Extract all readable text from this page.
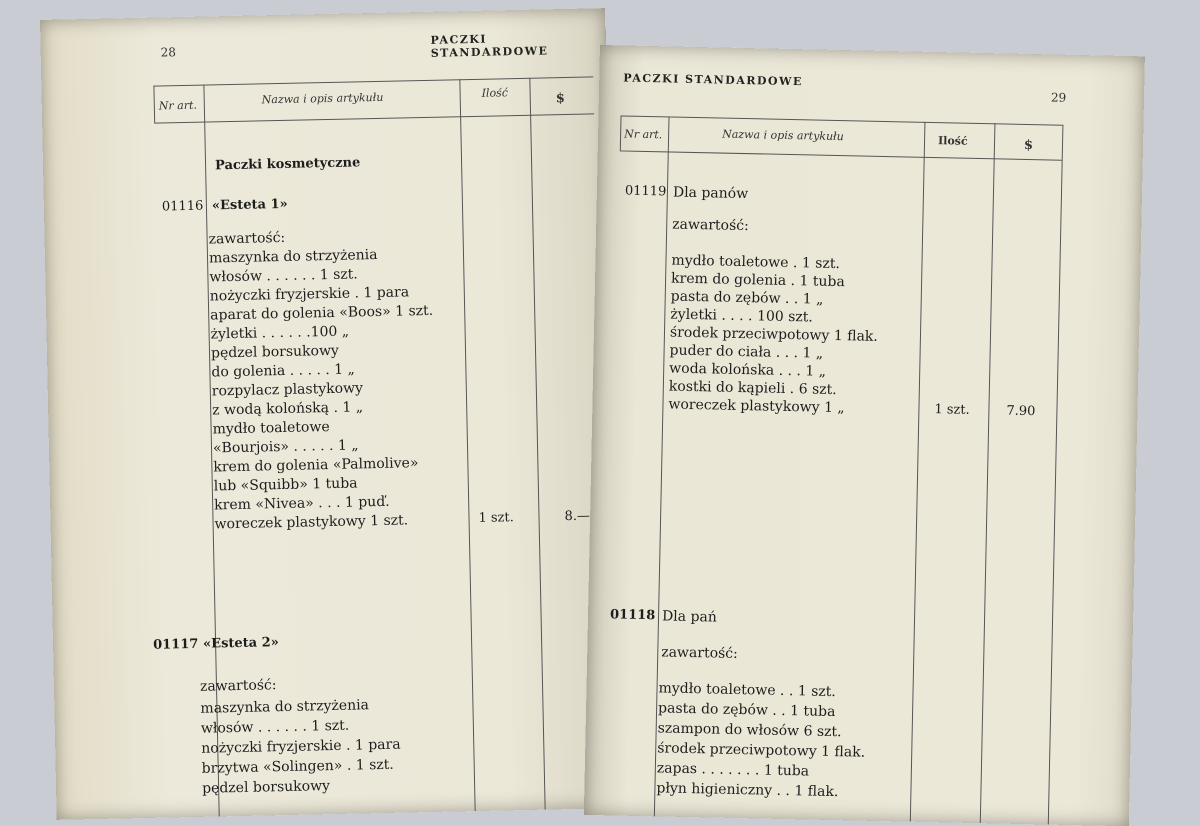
28
PACZKI STANDARDOWE
Nr art.	Nazwa i opis artykułu	Ilość	$
Paczki kosmetyczne
01116 «Esteta 1»
zawartość:
maszynka do strzyżenia
włosów . . . . . . 1 szt.
nożyczki fryzjerskie . 1 para
aparat do golenia «Boos» 1 szt.
żyletki . . . . . .100 „
pędzel borsukowy
do golenia . . . . . 1 „
rozpylacz plastykowy
z wodą kolońską . 1 „
mydło toaletowe
«Bourjois» . . . . . 1 „
krem do golenia «Palmolive»
lub «Squibb» 1 tuba
krem «Nivea» . . . 1 puď.
woreczek plastykowy 1 szt.	1 szt.	8.—
01117 «Esteta 2»
zawartość:
maszynka do strzyżenia
włosów . . . . . . 1 szt.
nożyczki fryzjerskie . 1 para
brzytwa «Solingen» . 1 szt.
pędzel borsukowy
PACZKI STANDARDOWE
29
Nr art.	Nazwa i opis artykułu	Ilość	$
01119 Dla panów
zawartość:
mydło toaletowe . 1 szt.
krem do golenia . 1 tuba
pasta do zębów . . 1 „
żyletki . . . . 100 szt.
środek przeciwpotowy 1 flak.
puder do ciała . . . 1 „
woda kolońska . . . 1 „
kostki do kąpieli . 6 szt.
woreczek plastykowy 1 „	1 szt.	7.90
01118 Dla pań
zawartość:
mydło toaletowe . . 1 szt.
pasta do zębów . . 1 tuba
szampon do włosów 6 szt.
środek przeciwpotowy 1 flak.
zapas . . . . . . . 1 tuba
płyn higieniczny . . 1 flak.
